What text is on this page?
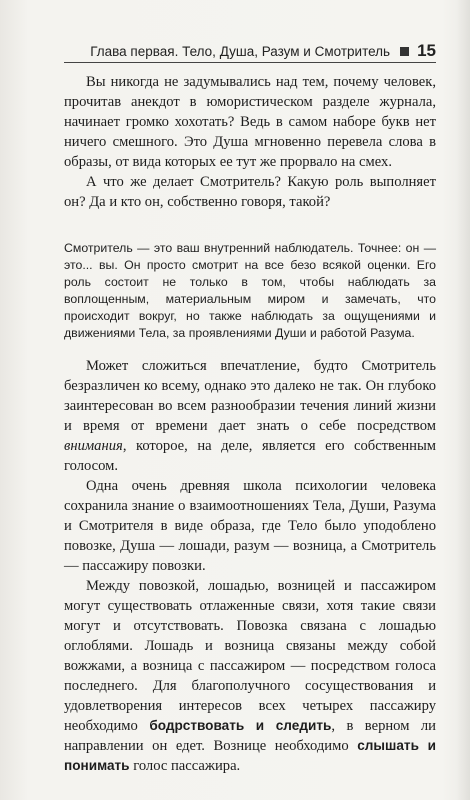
Глава первая. Тело, Душа, Разум и Смотритель 15

Вы никогда не задумывались над тем, почему человек, прочитав анекдот в юмористическом разделе журнала, начинает громко хохотать? Ведь в самом наборе букв нет ничего смешного. Это Душа мгновенно перевела слова в образы, от вида которых ее тут же прорвало на смех.

А что же делает Смотритель? Какую роль выполняет он? Да и кто он, собственно говоря, такой?

Смотритель — это ваш внутренний наблюдатель. Точнее: он — это... вы. Он просто смотрит на все безо всякой оценки. Его роль состоит не только в том, чтобы наблюдать за воплощенным, материальным миром и замечать, что происходит вокруг, но также наблюдать за ощущениями и движениями Тела, за проявлениями Души и работой Разума.

Может сложиться впечатление, будто Смотритель безразличен ко всему, однако это далеко не так. Он глубоко заинтересован во всем разнообразии течения линий жизни и время от времени дает знать о себе посредством внимания, которое, на деле, является его собственным голосом.

Одна очень древняя школа психологии человека сохранила знание о взаимоотношениях Тела, Души, Разума и Смотрителя в виде образа, где Тело было уподоблено повозке, Душа — лошади, разум — возница, а Смотритель — пассажиру повозки.

Между повозкой, лошадью, возницей и пассажиром могут существовать отлаженные связи, хотя такие связи могут и отсутствовать. Повозка связана с лошадью оглоблями. Лошадь и возница связаны между собой вожжами, а возница с пассажиром — посредством голоса последнего. Для благополучного сосуществования и удовлетворения интересов всех четырех пассажиру необходимо бодрствовать и следить, в верном ли направлении он едет. Вознице необходимо слышать и понимать голос пассажира.
